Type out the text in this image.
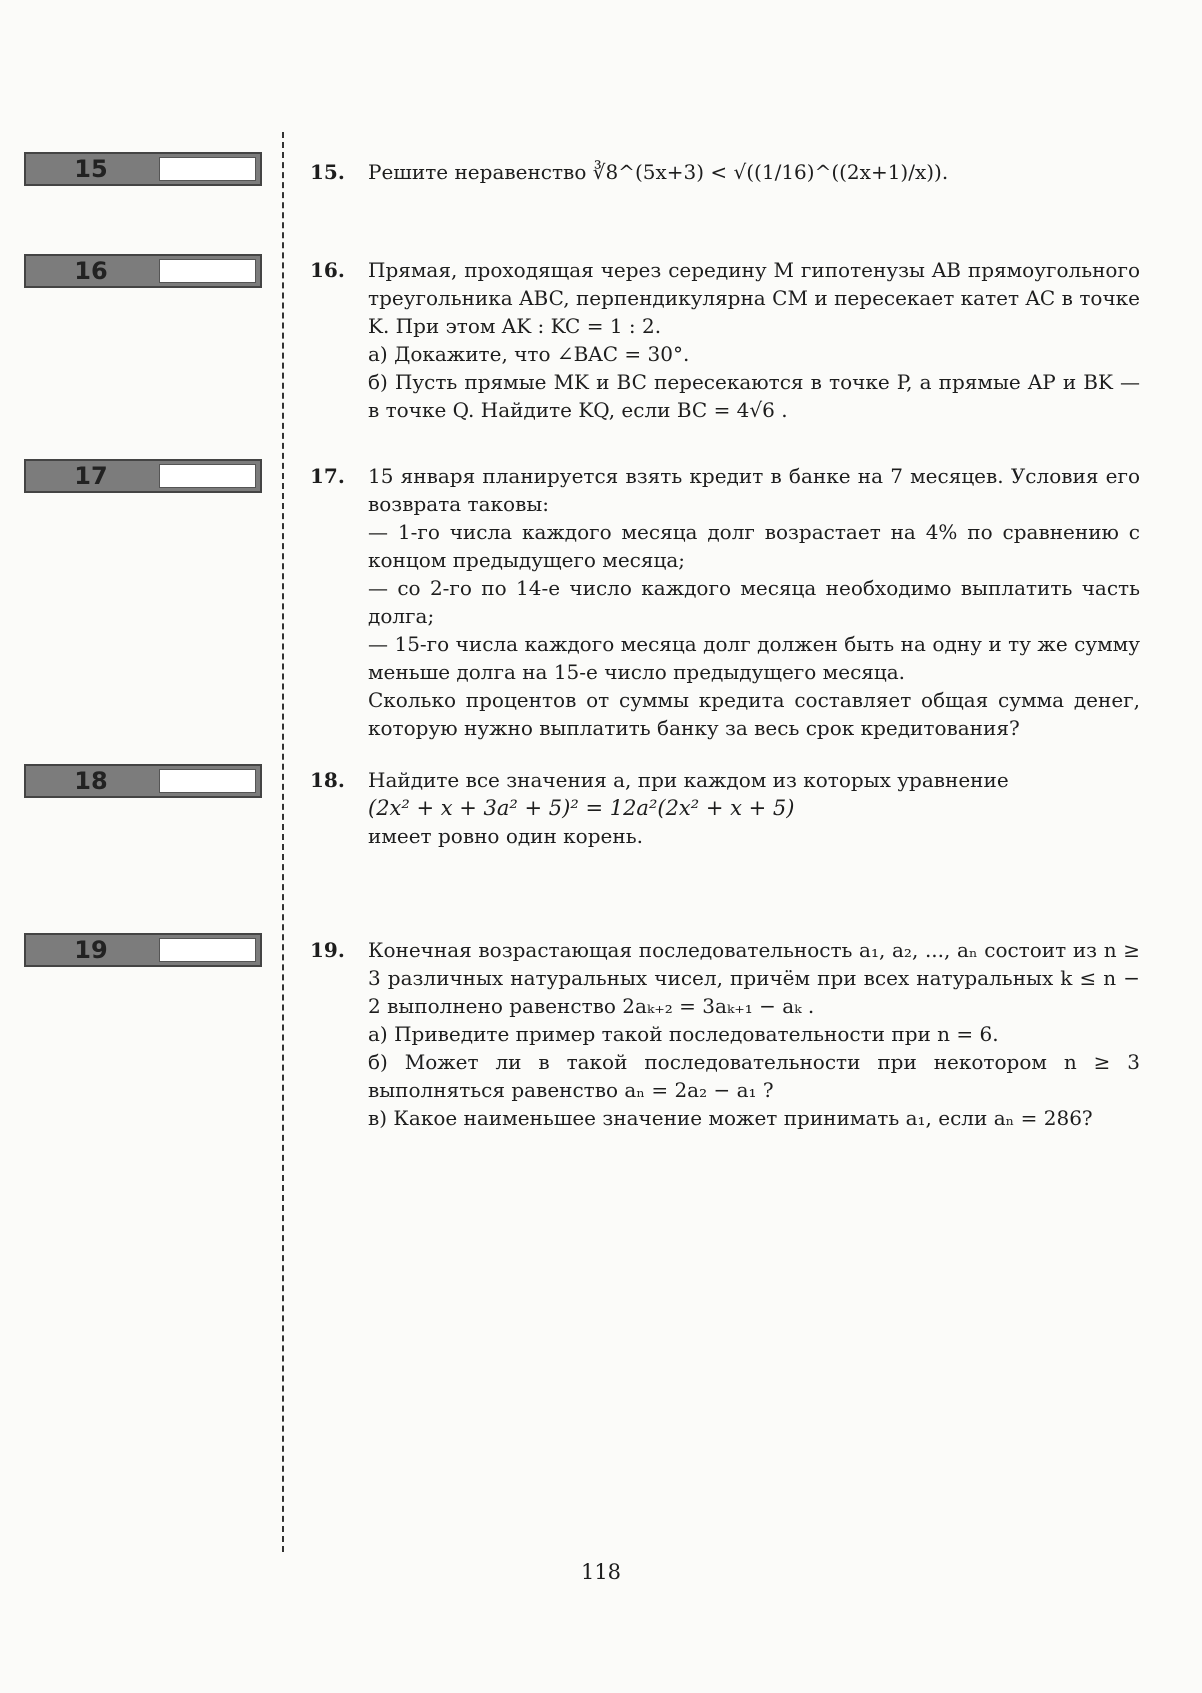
15
16
17
18
19
15.	Решите неравенство ∛8^(5x+3) < √((1/16)^((2x+1)/x)).

16.	Прямая, проходящая через середину M гипотенузы AB прямоугольного треугольника ABC, перпендикулярна CM и пересекает катет AC в точке K. При этом AK : KC = 1 : 2.

а) Докажите, что ∠BAC = 30°.

б) Пусть прямые MK и BC пересекаются в точке P, а прямые AP и BK — в точке Q. Найдите KQ, если BC = 4√6 .

17.	15 января планируется взять кредит в банке на 7 месяцев. Условия его возврата таковы:

— 1-го числа каждого месяца долг возрастает на 4% по сравнению с концом предыдущего месяца;

— со 2-го по 14-е число каждого месяца необходимо выплатить часть долга;

— 15-го числа каждого месяца долг должен быть на одну и ту же сумму меньше долга на 15-е число предыдущего месяца.

Сколько процентов от суммы кредита составляет общая сумма денег, которую нужно выплатить банку за весь срок кредитования?

18.	Найдите все значения a, при каждом из которых уравнение

(2x² + x + 3a² + 5)² = 12a²(2x² + x + 5)

имеет ровно один корень.

19.	Конечная возрастающая последовательность a₁, a₂, ..., aₙ состоит из n ≥ 3 различных натуральных чисел, причём при всех натуральных k ≤ n − 2 выполнено равенство 2aₖ₊₂ = 3aₖ₊₁ − aₖ .

а) Приведите пример такой последовательности при n = 6.

б) Может ли в такой последовательности при некотором n ≥ 3 выполняться равенство aₙ = 2a₂ − a₁ ?

в) Какое наименьшее значение может принимать a₁, если aₙ = 286?

118
